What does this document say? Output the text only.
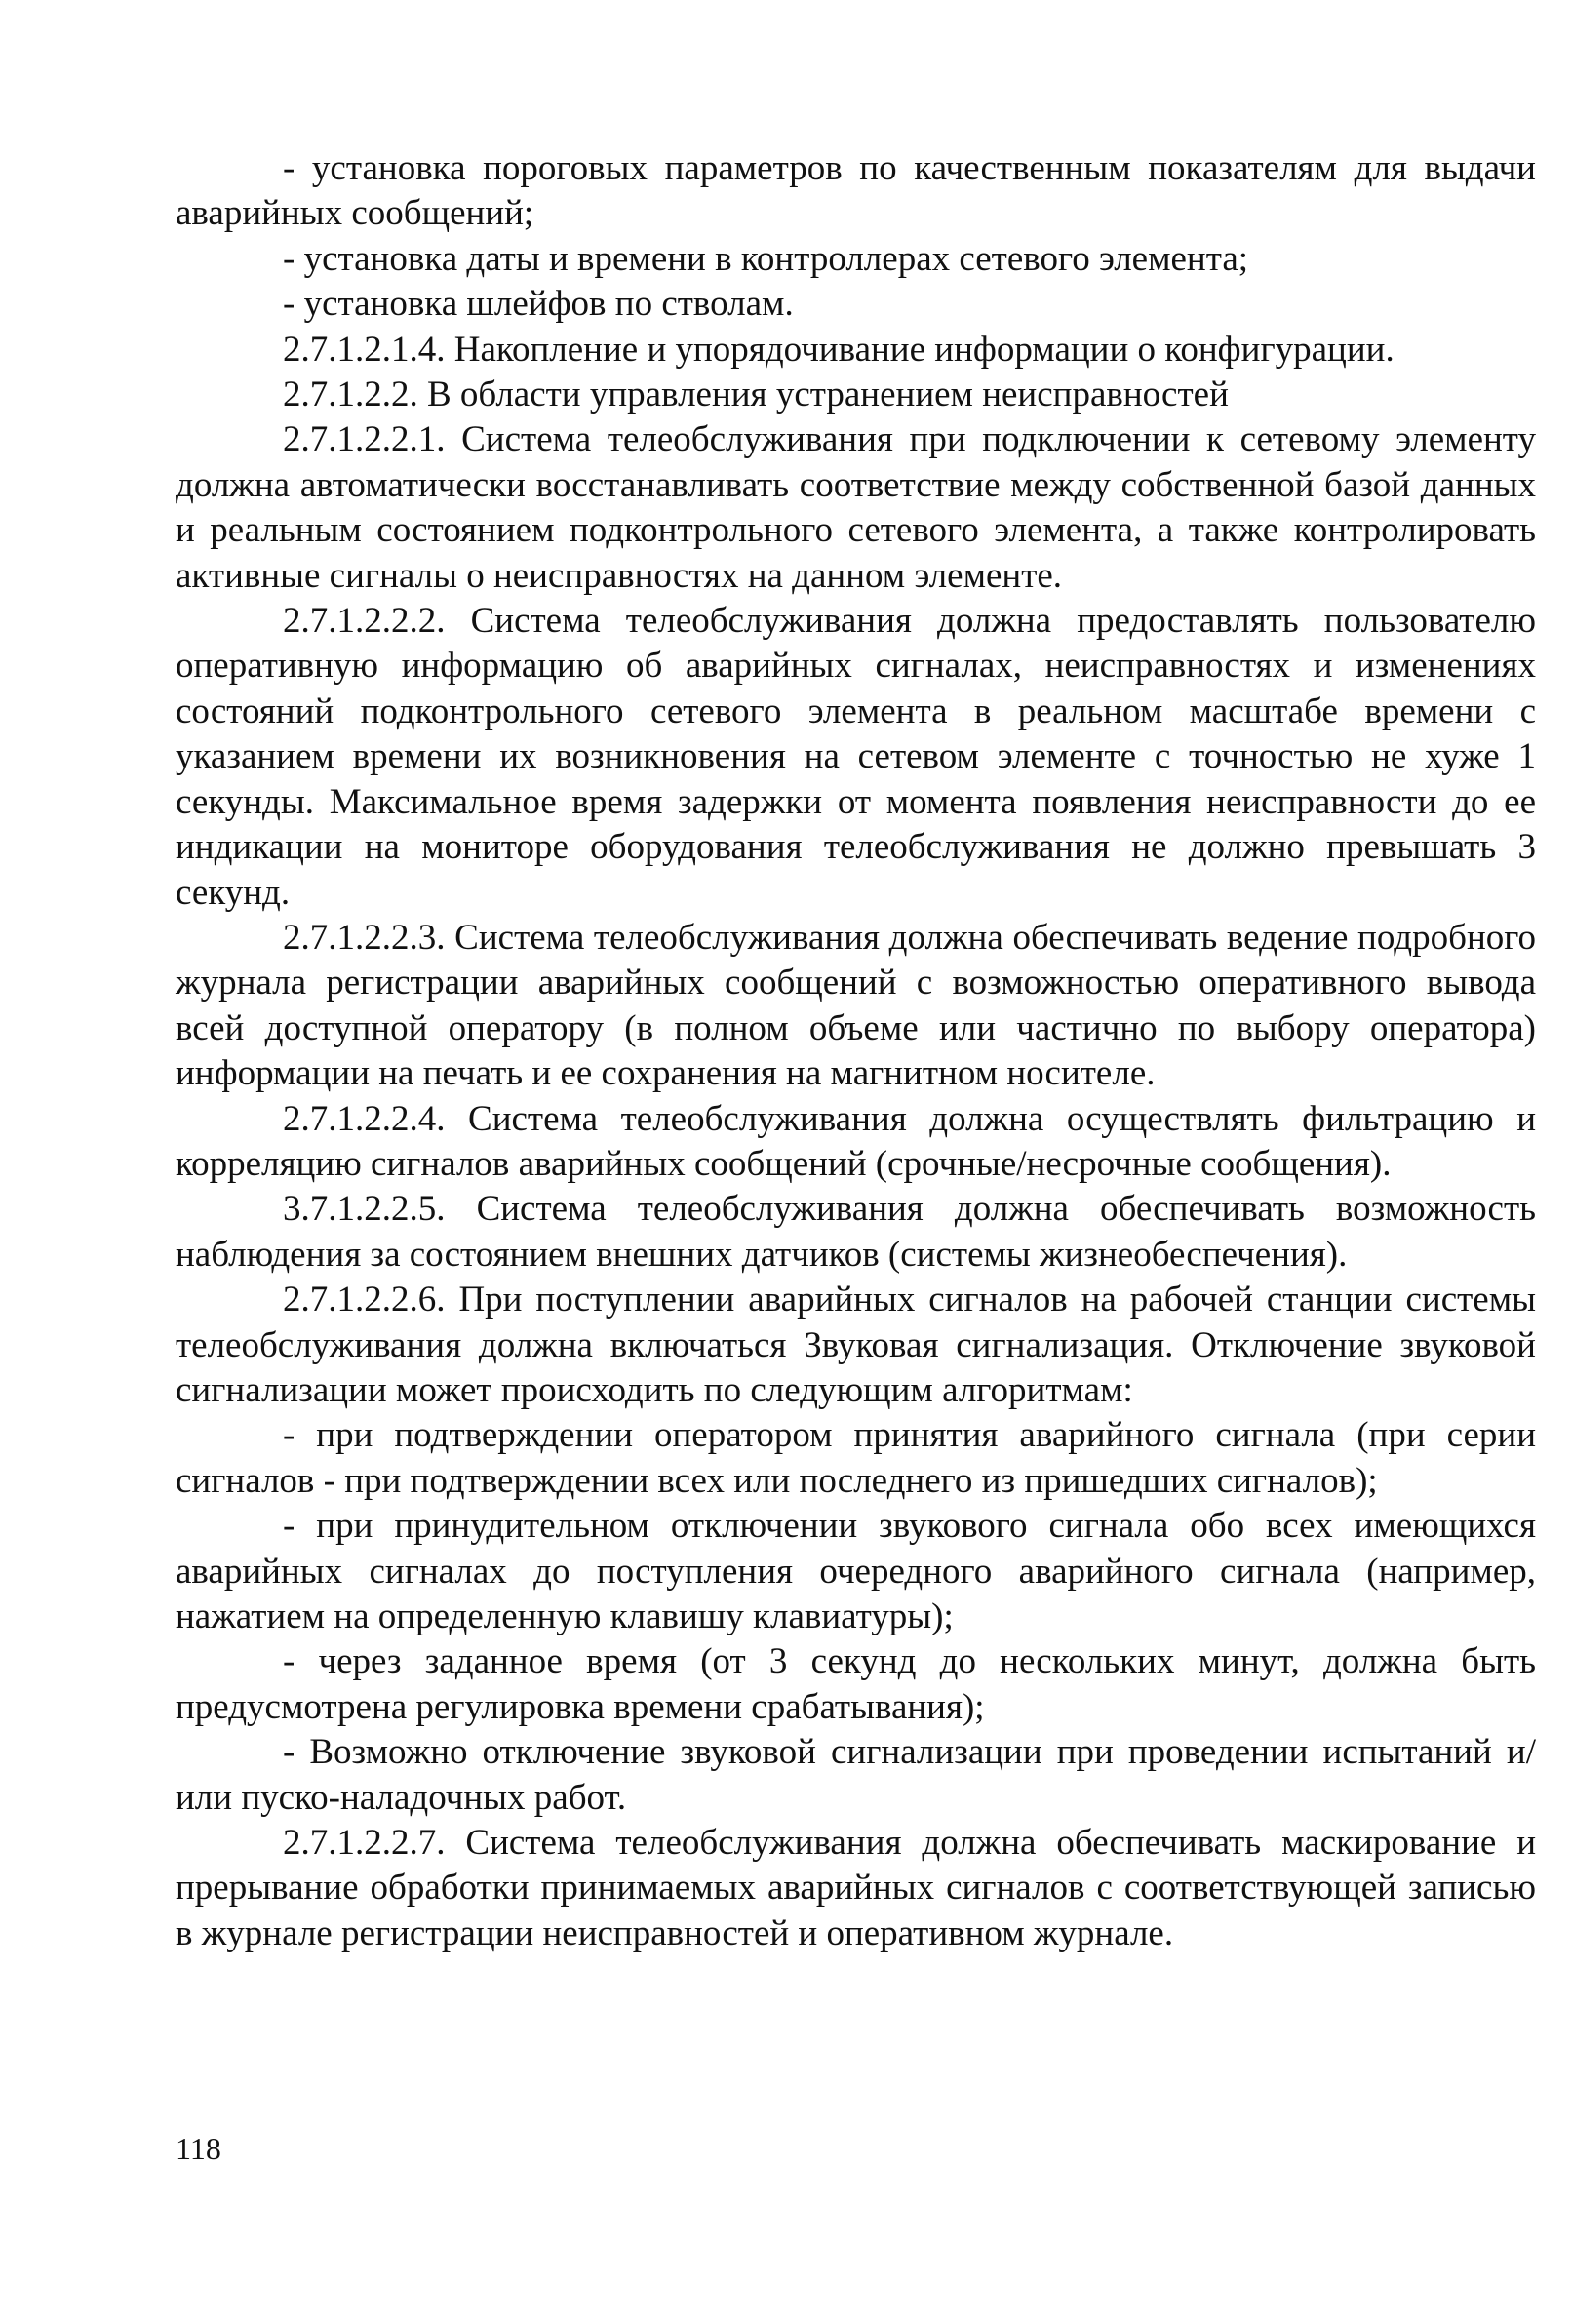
- установка пороговых параметров по качественным показателям для выдачи аварийных сообщений;

- установка даты и времени в контроллерах сетевого элемента;

- установка шлейфов по стволам.

2.7.1.2.1.4. Накопление и упорядочивание информации о конфигурации.

2.7.1.2.2. В области управления устранением неисправностей

2.7.1.2.2.1. Система телеобслуживания при подключении к сетевому элементу должна автоматически восстанавливать соответствие между собственной базой данных и реальным состоянием подконтрольного сетевого элемента, а также контролировать активные сигналы о неисправностях на данном элементе.

2.7.1.2.2.2. Система телеобслуживания должна предоставлять пользователю оперативную информацию об аварийных сигналах, неисправностях и изменениях состояний подконтрольного сетевого элемента в реальном масштабе времени с указанием времени их возникновения на сетевом элементе с точностью не хуже 1 секунды. Максимальное время задержки от момента появления неисправности до ее индикации на мониторе оборудования телеобслуживания не должно превышать 3 секунд.

2.7.1.2.2.3. Система телеобслуживания должна обеспечивать ведение подробного журнала регистрации аварийных сообщений с возможностью оперативного вывода всей доступной оператору (в полном объеме или частично по выбору оператора) информации на печать и ее сохранения на магнитном носителе.

2.7.1.2.2.4. Система телеобслуживания должна осуществлять фильтрацию и корреляцию сигналов аварийных сообщений (срочные/несрочные сообщения).

3.7.1.2.2.5. Система телеобслуживания должна обеспечивать возможность наблюдения за состоянием внешних датчиков (системы жизнеобеспечения).

2.7.1.2.2.6. При поступлении аварийных сигналов на рабочей станции системы телеобслуживания должна включаться Звуковая сигнализация. Отключение звуковой сигнализации может происходить по следующим алгоритмам:

- при подтверждении оператором принятия аварийного сигнала (при серии сигналов - при подтверждении всех или последнего из пришедших сигналов);

- при принудительном отключении звукового сигнала обо всех имеющихся аварийных сигналах до поступления очередного аварийного сигнала (например, нажатием на определенную клавишу клавиатуры);

- через заданное время (от 3 секунд до нескольких минут, должна быть предусмотрена регулировка времени срабатывания);

- Возможно отключение звуковой сигнализации при проведении испытаний и/или пуско-наладочных работ.

2.7.1.2.2.7. Система телеобслуживания должна обеспечивать маскирование и прерывание обработки принимаемых аварийных сигналов с соответствующей записью в журнале регистрации неисправностей и оперативном журнале.

118
